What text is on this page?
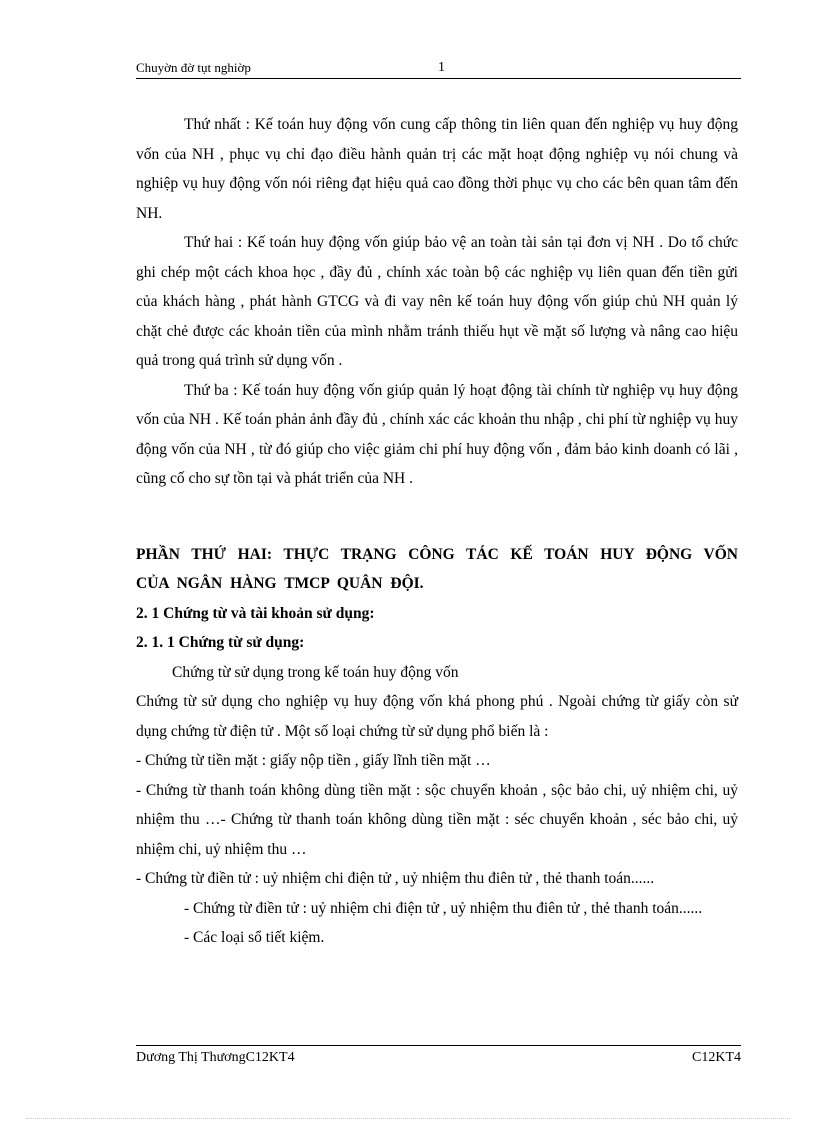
Chuyờn đờ tụt nghiờp	1

Thứ nhất : Kế toán huy động vốn cung cấp thông tin liên quan đến nghiệp vụ huy động vốn của NH , phục vụ chỉ đạo điều hành quản trị các mặt hoạt động nghiệp vụ nói chung và nghiệp vụ huy động vốn nói riêng đạt hiệu quả cao đồng thời phục vụ cho các bên quan tâm đến NH.

Thứ hai : Kế toán huy động vốn giúp bảo vệ an toàn tài sản tại đơn vị NH . Do tổ chức ghi chép một cách khoa học , đầy đủ , chính xác toàn bộ các nghiệp vụ liên quan đến tiền gửi của khách hàng , phát hành GTCG và đi vay nên kế toán huy động vốn giúp chủ NH quản lý chặt chẻ được các khoản tiền của mình nhằm tránh thiếu hụt về mặt số lượng và nâng cao hiệu quả trong quá trình sử dụng vốn .

Thứ ba : Kế toán huy động vốn giúp quản lý hoạt động tài chính từ nghiệp vụ huy động vốn của NH . Kế toán phản ảnh đầy đủ , chính xác các khoản thu nhập , chi phí từ nghiệp vụ huy động vốn của NH , từ đó giúp cho việc giảm chi phí huy động vốn , đảm bảo kinh doanh có lãi , cũng cố cho sự tồn tại và phát triển của NH .

PHẦN THỨ HAI: THỰC TRẠNG CÔNG TÁC KẾ TOÁN HUY ĐỘNG VỐN CỦA NGÂN HÀNG TMCP QUÂN ĐỘI.

2. 1 Chứng từ và tài khoản sử dụng:

2. 1. 1 Chứng từ sử dụng:

Chứng từ sử dụng trong kế toán huy động vốn

Chứng từ sử dụng cho nghiệp vụ huy động vốn khá phong phú . Ngoài chứng từ giấy còn sử dụng chứng từ điện tử . Một số loại chứng từ sử dụng phổ biến là :

- Chứng từ tiền mặt : giấy nộp tiền , giấy lĩnh tiền mặt …

- Chứng từ thanh toán không dùng tiền mặt : sộc chuyển khoản , sộc bảo chi, uỷ nhiệm chi, uỷ nhiệm thu …- Chứng từ thanh toán không dùng tiền mặt : séc chuyển khoản , séc bảo chi, uỷ nhiệm chi, uỷ nhiệm thu …

- Chứng từ điền tử : uỷ nhiệm chi điện tử , uỷ nhiệm thu điên tử , thẻ thanh toán......

- Chứng từ điền tử : uỷ nhiệm chi điện tử , uỷ nhiệm thu điên tử , thẻ thanh toán......

- Các loại sổ tiết kiệm.

Dương Thị ThươngC12KT4	C12KT4
